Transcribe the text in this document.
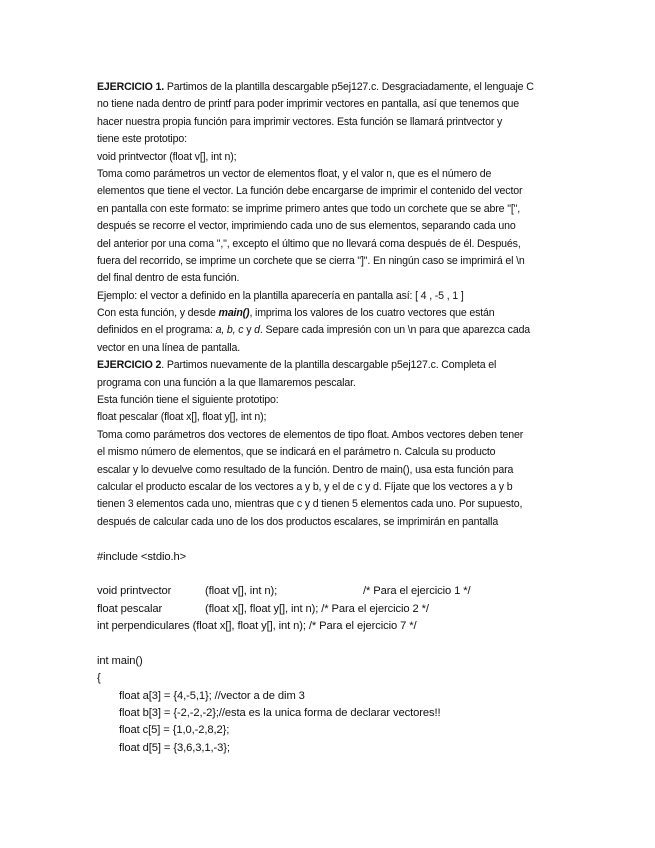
EJERCICIO 1. Partimos de la plantilla descargable p5ej127.c. Desgraciadamente, el lenguaje C
no tiene nada dentro de printf para poder imprimir vectores en pantalla, así que tenemos que
hacer nuestra propia función para imprimir vectores. Esta función se llamará printvector y
tiene este prototipo:
void printvector (float v[], int n);
Toma como parámetros un vector de elementos float, y el valor n, que es el número de
elementos que tiene el vector. La función debe encargarse de imprimir el contenido del vector
en pantalla con este formato: se imprime primero antes que todo un corchete que se abre "[",
después se recorre el vector, imprimiendo cada uno de sus elementos, separando cada uno
del anterior por una coma ",", excepto el último que no llevará coma después de él. Después,
fuera del recorrido, se imprime un corchete que se cierra "]". En ningún caso se imprimirá el \n
del final dentro de esta función.
Ejemplo: el vector a definido en la plantilla aparecería en pantalla así: [ 4 , -5 , 1 ]
Con esta función, y desde main(), imprima los valores de los cuatro vectores que están
definidos en el programa: a, b, c y d. Separe cada impresión con un \n para que aparezca cada
vector en una línea de pantalla.
EJERCICIO 2. Partimos nuevamente de la plantilla descargable p5ej127.c. Completa el
programa con una función a la que llamaremos pescalar.
Esta función tiene el siguiente prototipo:
float pescalar (float x[], float y[], int n);
Toma como parámetros dos vectores de elementos de tipo float. Ambos vectores deben tener
el mismo número de elementos, que se indicará en el parámetro n. Calcula su producto
escalar y lo devuelve como resultado de la función. Dentro de main(), usa esta función para
calcular el producto escalar de los vectores a y b, y el de c y d. Fíjate que los vectores a y b
tienen 3 elementos cada uno, mientras que c y d tienen 5 elementos cada uno. Por supuesto,
después de calcular cada uno de los dos productos escalares, se imprimirán en pantalla
#include <stdio.h>
void printvector	(float v[], int n);	/* Para el ejercicio 1 */
float pescalar	(float x[], float y[], int n); /* Para el ejercicio 2 */
int perpendiculares (float x[], float y[], int n); /* Para el ejercicio 7 */
int main()
{
float a[3] = {4,-5,1}; //vector a de dim 3
float b[3] = {-2,-2,-2};//esta es la unica forma de declarar vectores!!
float c[5] = {1,0,-2,8,2};
float d[5] = {3,6,3,1,-3};
